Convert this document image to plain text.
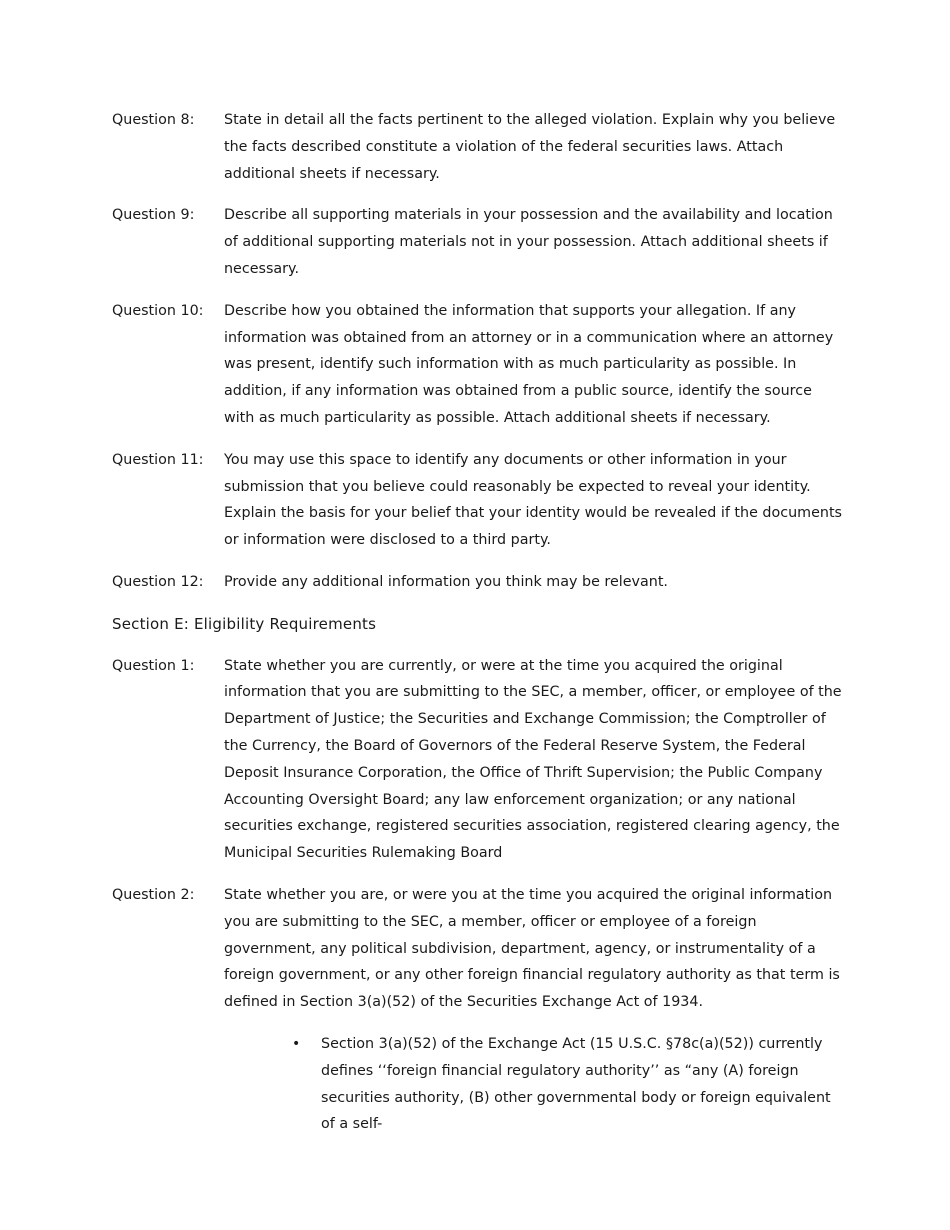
Question 8:	State in detail all the facts pertinent to the alleged violation. Explain why you believe the facts described constitute a violation of the federal securities laws. Attach additional sheets if necessary.
Question 9:	Describe all supporting materials in your possession and the availability and location of additional supporting materials not in your possession. Attach additional sheets if necessary.
Question 10:	Describe how you obtained the information that supports your allegation. If any information was obtained from an attorney or in a communication where an attorney was present, identify such information with as much particularity as possible. In addition, if any information was obtained from a public source, identify the source with as much particularity as possible. Attach additional sheets if necessary.
Question 11:	You may use this space to identify any documents or other information in your submission that you believe could reasonably be expected to reveal your identity. Explain the basis for your belief that your identity would be revealed if the documents or information were disclosed to a third party.
Question 12:	Provide any additional information you think may be relevant.
Section E: Eligibility Requirements
Question 1:	State whether you are currently, or were at the time you acquired the original information that you are submitting to the SEC, a member, officer, or employee of the Department of Justice; the Securities and Exchange Commission; the Comptroller of the Currency, the Board of Governors of the Federal Reserve System, the Federal Deposit Insurance Corporation, the Office of Thrift Supervision; the Public Company Accounting Oversight Board; any law enforcement organization; or any national securities exchange, registered securities association, registered clearing agency, the Municipal Securities Rulemaking Board
Question 2:	State whether you are, or were you at the time you acquired the original information you are submitting to the SEC, a member, officer or employee of a foreign government, any political subdivision, department, agency, or instrumentality of a foreign government, or any other foreign financial regulatory authority as that term is defined in Section 3(a)(52) of the Securities Exchange Act of 1934.
•	Section 3(a)(52) of the Exchange Act (15 U.S.C. §78c(a)(52)) currently defines ‘‘foreign financial regulatory authority’’ as “any (A) foreign securities authority, (B) other governmental body or foreign equivalent of a self-
